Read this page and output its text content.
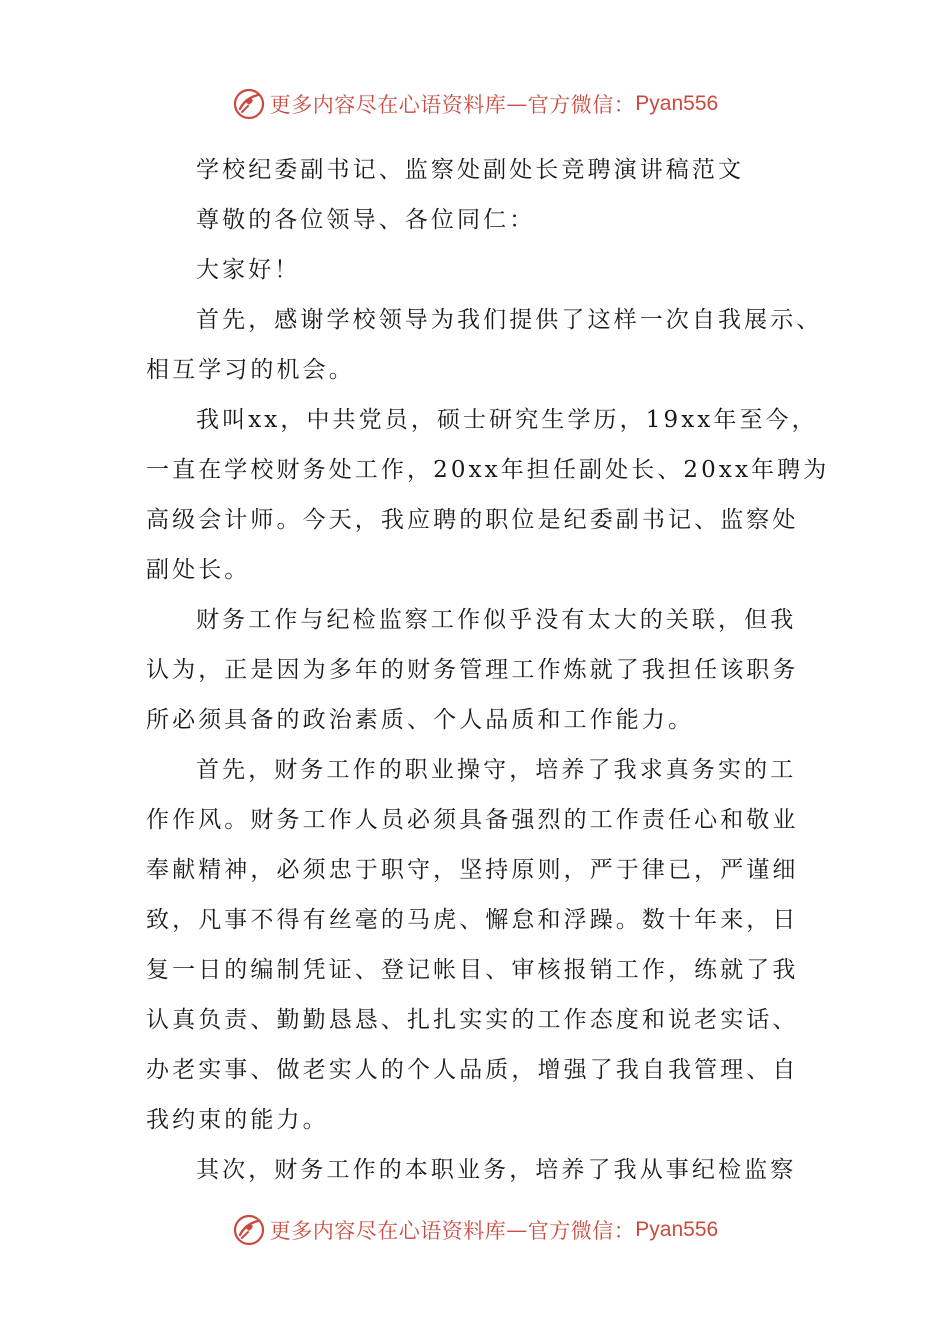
更多内容尽在心语资料库 — 官方微信： Pyan556
学校纪委副书记、监察处副处长竞聘演讲稿范文
尊敬的各位领导、各位同仁：
大家好！
首先，感谢学校领导为我们提供了这样一次自我展示、
相互学习的机会。
我叫xx，中共党员，硕士研究生学历，19xx年至今，
一直在学校财务处工作，20xx年担任副处长、20xx年聘为
高级会计师。今天，我应聘的职位是纪委副书记、监察处
副处长。
财务工作与纪检监察工作似乎没有太大的关联，但我
认为，正是因为多年的财务管理工作炼就了我担任该职务
所必须具备的政治素质、个人品质和工作能力。
首先，财务工作的职业操守，培养了我求真务实的工
作作风。财务工作人员必须具备强烈的工作责任心和敬业
奉献精神，必须忠于职守，坚持原则，严于律已，严谨细
致，凡事不得有丝毫的马虎、懈怠和浮躁。数十年来，日
复一日的编制凭证、登记帐目、审核报销工作，练就了我
认真负责、勤勤恳恳、扎扎实实的工作态度和说老实话、
办老实事、做老实人的个人品质，增强了我自我管理、自
我约束的能力。
其次，财务工作的本职业务，培养了我从事纪检监察
更多内容尽在心语资料库 — 官方微信： Pyan556
